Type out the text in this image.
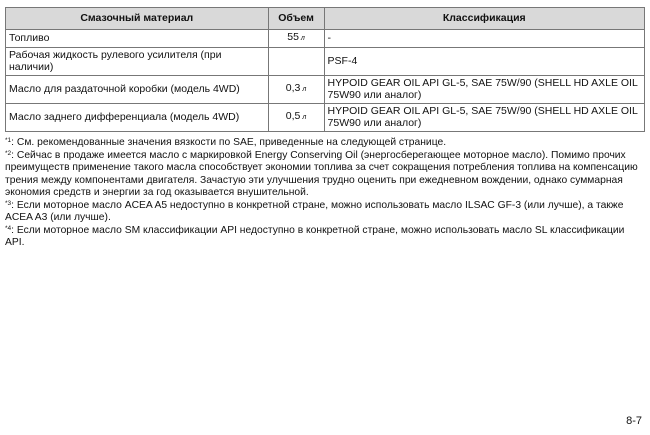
Смазочный материал	Объем	Классификация
Топливо	55 л	-
Рабочая жидкость рулевого усилителя (при наличии)		PSF-4
Масло для раздаточной коробки (модель 4WD)	0,3 л	HYPOID GEAR OIL API GL-5, SAE 75W/90 (SHELL HD AXLE OIL 75W90 или аналог)
Масло заднего дифференциала (модель 4WD)	0,5 л	HYPOID GEAR OIL API GL-5, SAE 75W/90 (SHELL HD AXLE OIL 75W90 или аналог)

$^{*1}$: См. рекомендованные значения вязкости по SAE, приведенные на следующей странице.

$^{*2}$: Сейчас в продаже имеется масло с маркировкой Energy Conserving Oil (энергосберегающее моторное масло). Помимо прочих преимуществ применение такого масла способствует экономии топлива за счет сокращения потребления топлива на компенсацию трения между компонентами двигателя. Зачастую эти улучшения трудно оценить при ежедневном вождении, однако суммарная экономия средств и энергии за год оказывается внушительной.

$^{*3}$: Если моторное масло ACEA A5 недоступно в конкретной стране, можно использовать масло ILSAC GF-3 (или лучше), а также ACEA A3 (или лучше).

$^{*4}$: Если моторное масло SM классификации API недоступно в конкретной стране, можно использовать масло SL классификации API.

8-7
